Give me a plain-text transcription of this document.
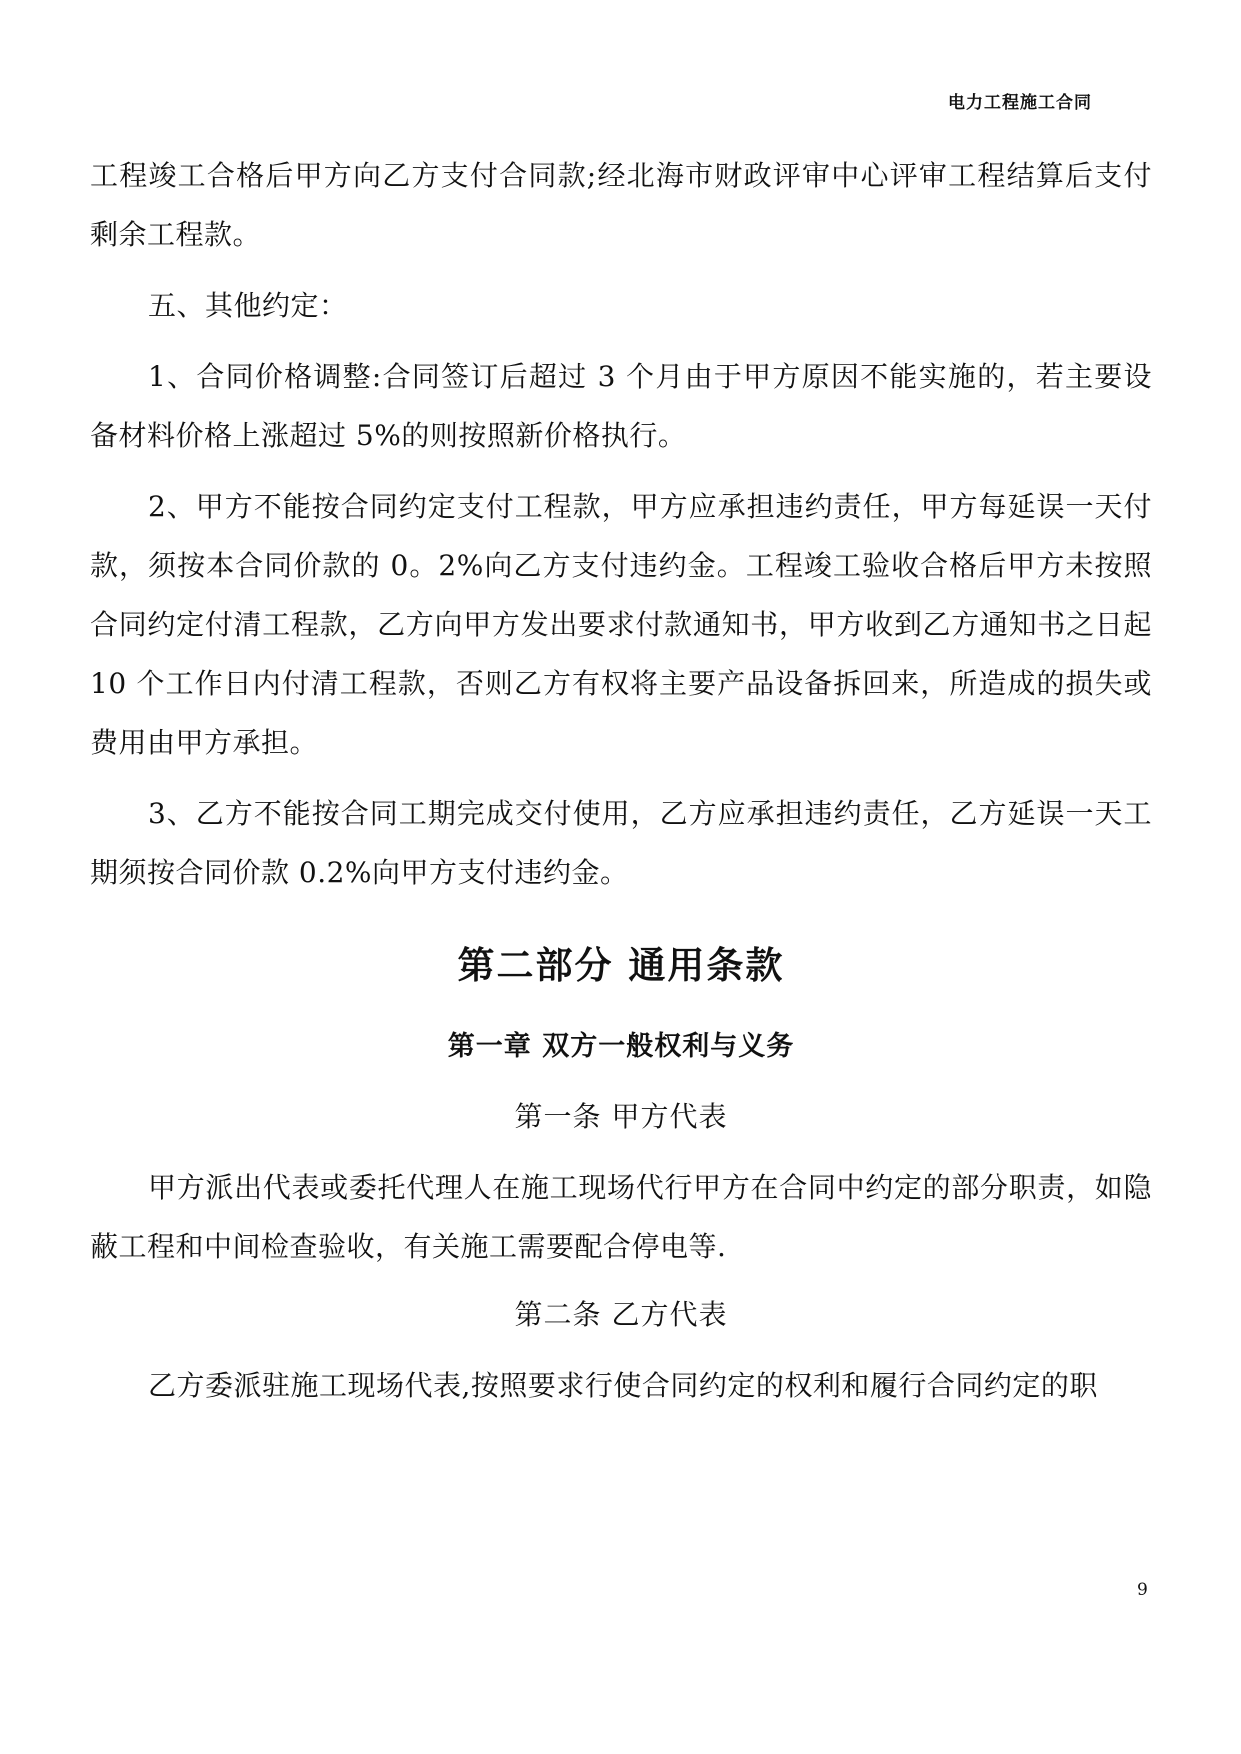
电力工程施工合同

工程竣工合格后甲方向乙方支付合同款;经北海市财政评审中心评审工程结算后支付剩余工程款。

五、其他约定：

1、合同价格调整:合同签订后超过 3 个月由于甲方原因不能实施的，若主要设备材料价格上涨超过 5%的则按照新价格执行。

2、甲方不能按合同约定支付工程款，甲方应承担违约责任，甲方每延误一天付款，须按本合同价款的 0。2%向乙方支付违约金。工程竣工验收合格后甲方未按照合同约定付清工程款，乙方向甲方发出要求付款通知书，甲方收到乙方通知书之日起 10 个工作日内付清工程款，否则乙方有权将主要产品设备拆回来，所造成的损失或费用由甲方承担。

3、乙方不能按合同工期完成交付使用，乙方应承担违约责任，乙方延误一天工期须按合同价款 0.2%向甲方支付违约金。

第二部分 通用条款
第一章 双方一般权利与义务
第一条 甲方代表

甲方派出代表或委托代理人在施工现场代行甲方在合同中约定的部分职责，如隐蔽工程和中间检查验收，有关施工需要配合停电等.

第二条 乙方代表

乙方委派驻施工现场代表,按照要求行使合同约定的权利和履行合同约定的职

9
